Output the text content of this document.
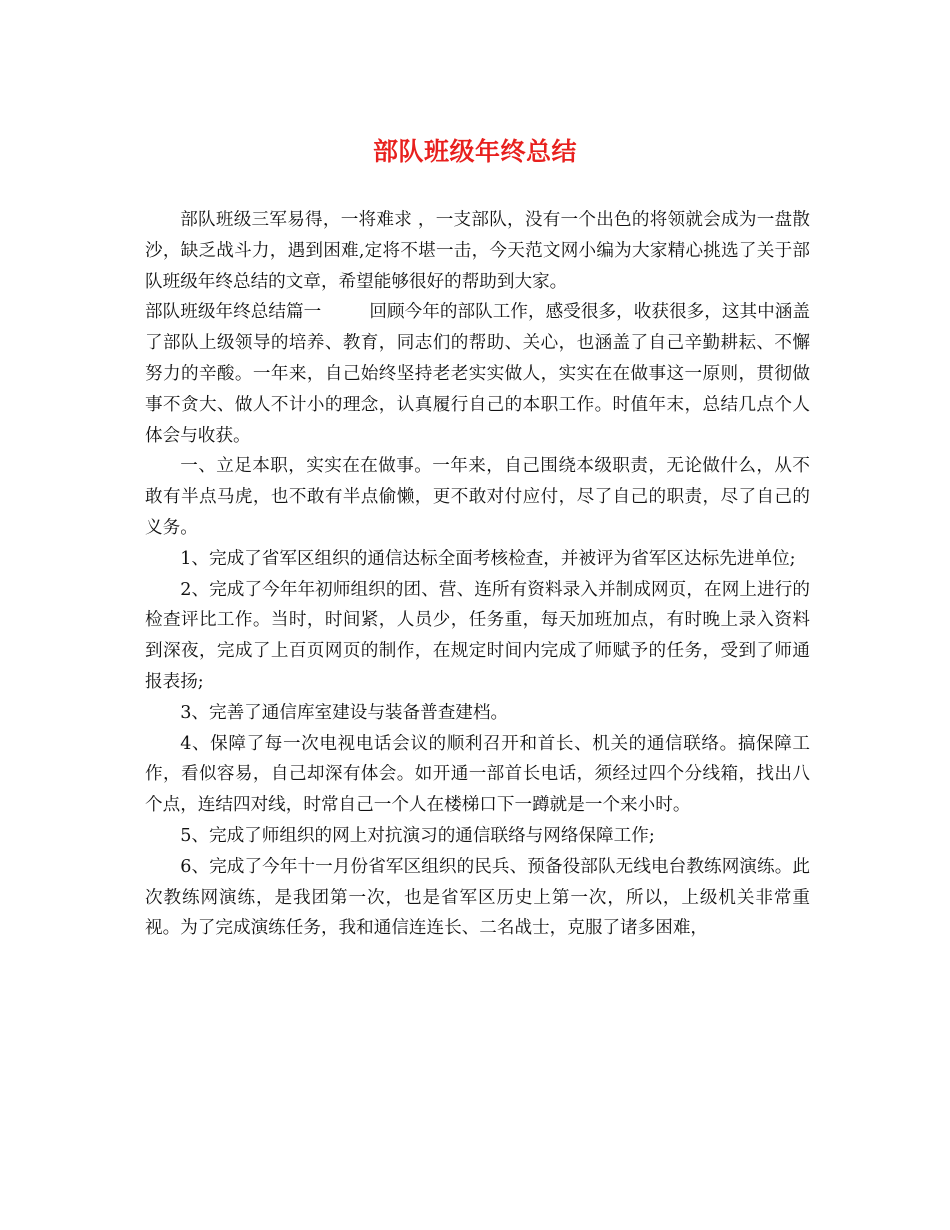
部队班级年终总结

部队班级三军易得，一将难求 ，一支部队，没有一个出色的将领就会成为一盘散沙，缺乏战斗力，遇到困难,定将不堪一击，今天范文网小编为大家精心挑选了关于部队班级年终总结的文章，希望能够很好的帮助到大家。

部队班级年终总结篇一	回顾今年的部队工作，感受很多，收获很多，这其中涵盖了部队上级领导的培养、教育，同志们的帮助、关心，也涵盖了自己辛勤耕耘、不懈努力的辛酸。一年来，自己始终坚持老老实实做人，实实在在做事这一原则，贯彻做事不贪大、做人不计小的理念，认真履行自己的本职工作。时值年末，总结几点个人体会与收获。

一、立足本职，实实在在做事。一年来，自己围绕本级职责，无论做什么，从不敢有半点马虎，也不敢有半点偷懒，更不敢对付应付，尽了自己的职责，尽了自己的义务。

1、完成了省军区组织的通信达标全面考核检查，并被评为省军区达标先进单位;

2、完成了今年年初师组织的团、营、连所有资料录入并制成网页，在网上进行的检查评比工作。当时，时间紧，人员少，任务重，每天加班加点，有时晚上录入资料到深夜，完成了上百页网页的制作，在规定时间内完成了师赋予的任务，受到了师通报表扬;

3、完善了通信库室建设与装备普查建档。

4、保障了每一次电视电话会议的顺利召开和首长、机关的通信联络。搞保障工作，看似容易，自己却深有体会。如开通一部首长电话，须经过四个分线箱，找出八个点，连结四对线，时常自己一个人在楼梯口下一蹲就是一个来小时。

5、完成了师组织的网上对抗演习的通信联络与网络保障工作;

6、完成了今年十一月份省军区组织的民兵、预备役部队无线电台教练网演练。此次教练网演练，是我团第一次，也是省军区历史上第一次，所以，上级机关非常重视。为了完成演练任务，我和通信连连长、二名战士，克服了诸多困难，
